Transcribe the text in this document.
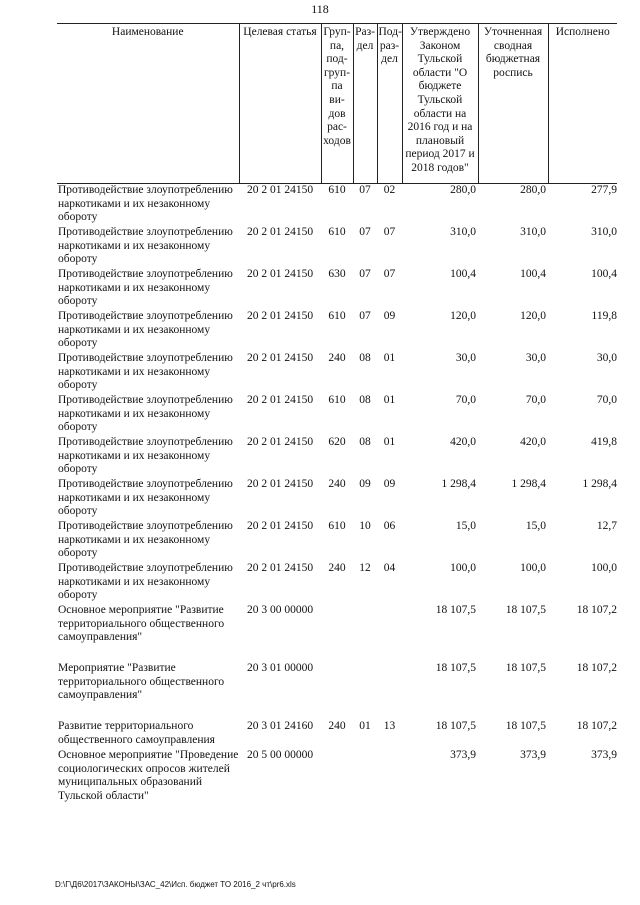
118
Наименование	Целевая статья	Груп-па, под-груп-па ви-дов рас-ходов	Раз-дел	Под-раз-дел	Утверждено Законом Тульской области "О бюджете Тульской области на 2016 год и на плановый период 2017 и 2018 годов"	Уточненная сводная бюджетная роспись	Исполнено
Противодействие злоупотреблению наркотиками и их незаконному обороту	20 2 01 24150	610	07	02	280,0	280,0	277,9
Противодействие злоупотреблению наркотиками и их незаконному обороту	20 2 01 24150	610	07	07	310,0	310,0	310,0
Противодействие злоупотреблению наркотиками и их незаконному обороту	20 2 01 24150	630	07	07	100,4	100,4	100,4
Противодействие злоупотреблению наркотиками и их незаконному обороту	20 2 01 24150	610	07	09	120,0	120,0	119,8
Противодействие злоупотреблению наркотиками и их незаконному обороту	20 2 01 24150	240	08	01	30,0	30,0	30,0
Противодействие злоупотреблению наркотиками и их незаконному обороту	20 2 01 24150	610	08	01	70,0	70,0	70,0
Противодействие злоупотреблению наркотиками и их незаконному обороту	20 2 01 24150	620	08	01	420,0	420,0	419,8
Противодействие злоупотреблению наркотиками и их незаконному обороту	20 2 01 24150	240	09	09	1 298,4	1 298,4	1 298,4
Противодействие злоупотреблению наркотиками и их незаконному обороту	20 2 01 24150	610	10	06	15,0	15,0	12,7
Противодействие злоупотреблению наркотиками и их незаконному обороту	20 2 01 24150	240	12	04	100,0	100,0	100,0
Основное мероприятие "Развитие территориального общественного самоуправления"	20 3 00 00000				18 107,5	18 107,5	18 107,2
Мероприятие "Развитие территориального общественного самоуправления"	20 3 01 00000				18 107,5	18 107,5	18 107,2
Развитие территориального общественного самоуправления	20 3 01 24160	240	01	13	18 107,5	18 107,5	18 107,2
Основное мероприятие "Проведение социологических опросов жителей муниципальных образований Тульской области"	20 5 00 00000				373,9	373,9	373,9
D:\Г\Д6\2017\ЗАКОНЫ\ЗАС_42\Исп. бюджет ТО 2016_2 чт\pr6.xls
